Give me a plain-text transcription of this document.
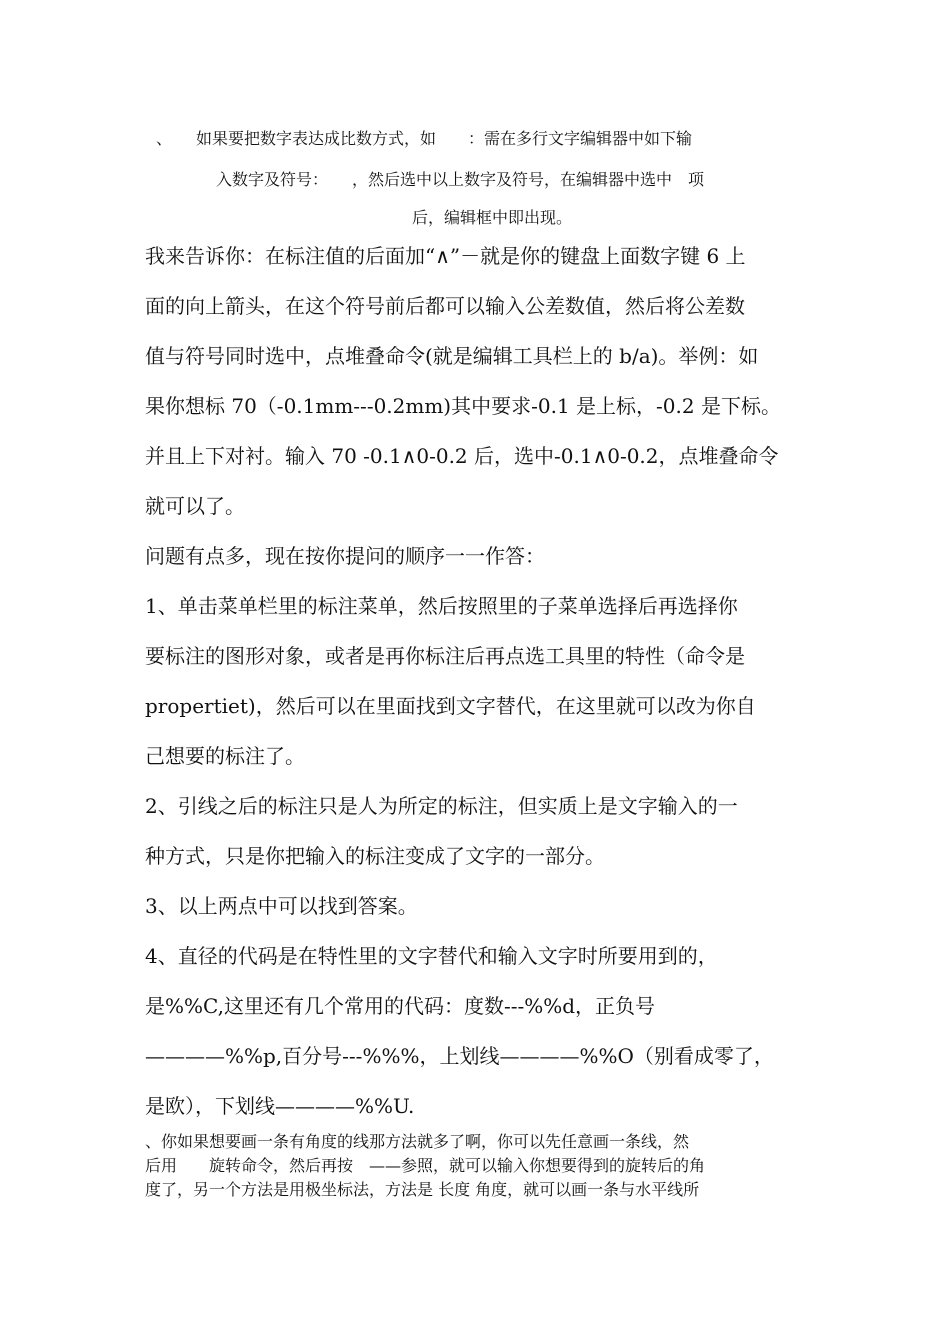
、　　如果要把数字表达成比数方式，如　　：需在多行文字编辑器中如下输
入数字及符号：　　，然后选中以上数字及符号，在编辑器中选中　项
后，编辑框中即出现。
我来告诉你：在标注值的后面加“∧”－就是你的键盘上面数字键 6 上
面的向上箭头，在这个符号前后都可以输入公差数值，然后将公差数
值与符号同时选中，点堆叠命令(就是编辑工具栏上的 b/a)。举例：如
果你想标 70（-0.1mm---0.2mm)其中要求-0.1 是上标，-0.2 是下标。
并且上下对衬。输入 70 -0.1∧0-0.2 后，选中-0.1∧0-0.2，点堆叠命令
就可以了。
问题有点多，现在按你提问的顺序一一作答：
1、单击菜单栏里的标注菜单，然后按照里的子菜单选择后再选择你
要标注的图形对象，或者是再你标注后再点选工具里的特性（命令是
propertiet)，然后可以在里面找到文字替代，在这里就可以改为你自
己想要的标注了。
2、引线之后的标注只是人为所定的标注，但实质上是文字输入的一
种方式，只是你把输入的标注变成了文字的一部分。
3、以上两点中可以找到答案。
4、直径的代码是在特性里的文字替代和输入文字时所要用到的，
是%%C,这里还有几个常用的代码：度数---%%d，正负号
————%%p,百分号---%%%，上划线————%%O（别看成零了，
是欧），下划线————%%U.
、你如果想要画一条有角度的线那方法就多了啊，你可以先任意画一条线，然
后用　　旋转命令，然后再按　——参照，就可以输入你想要得到的旋转后的角
度了，另一个方法是用极坐标法，方法是 长度 角度，就可以画一条与水平线所
